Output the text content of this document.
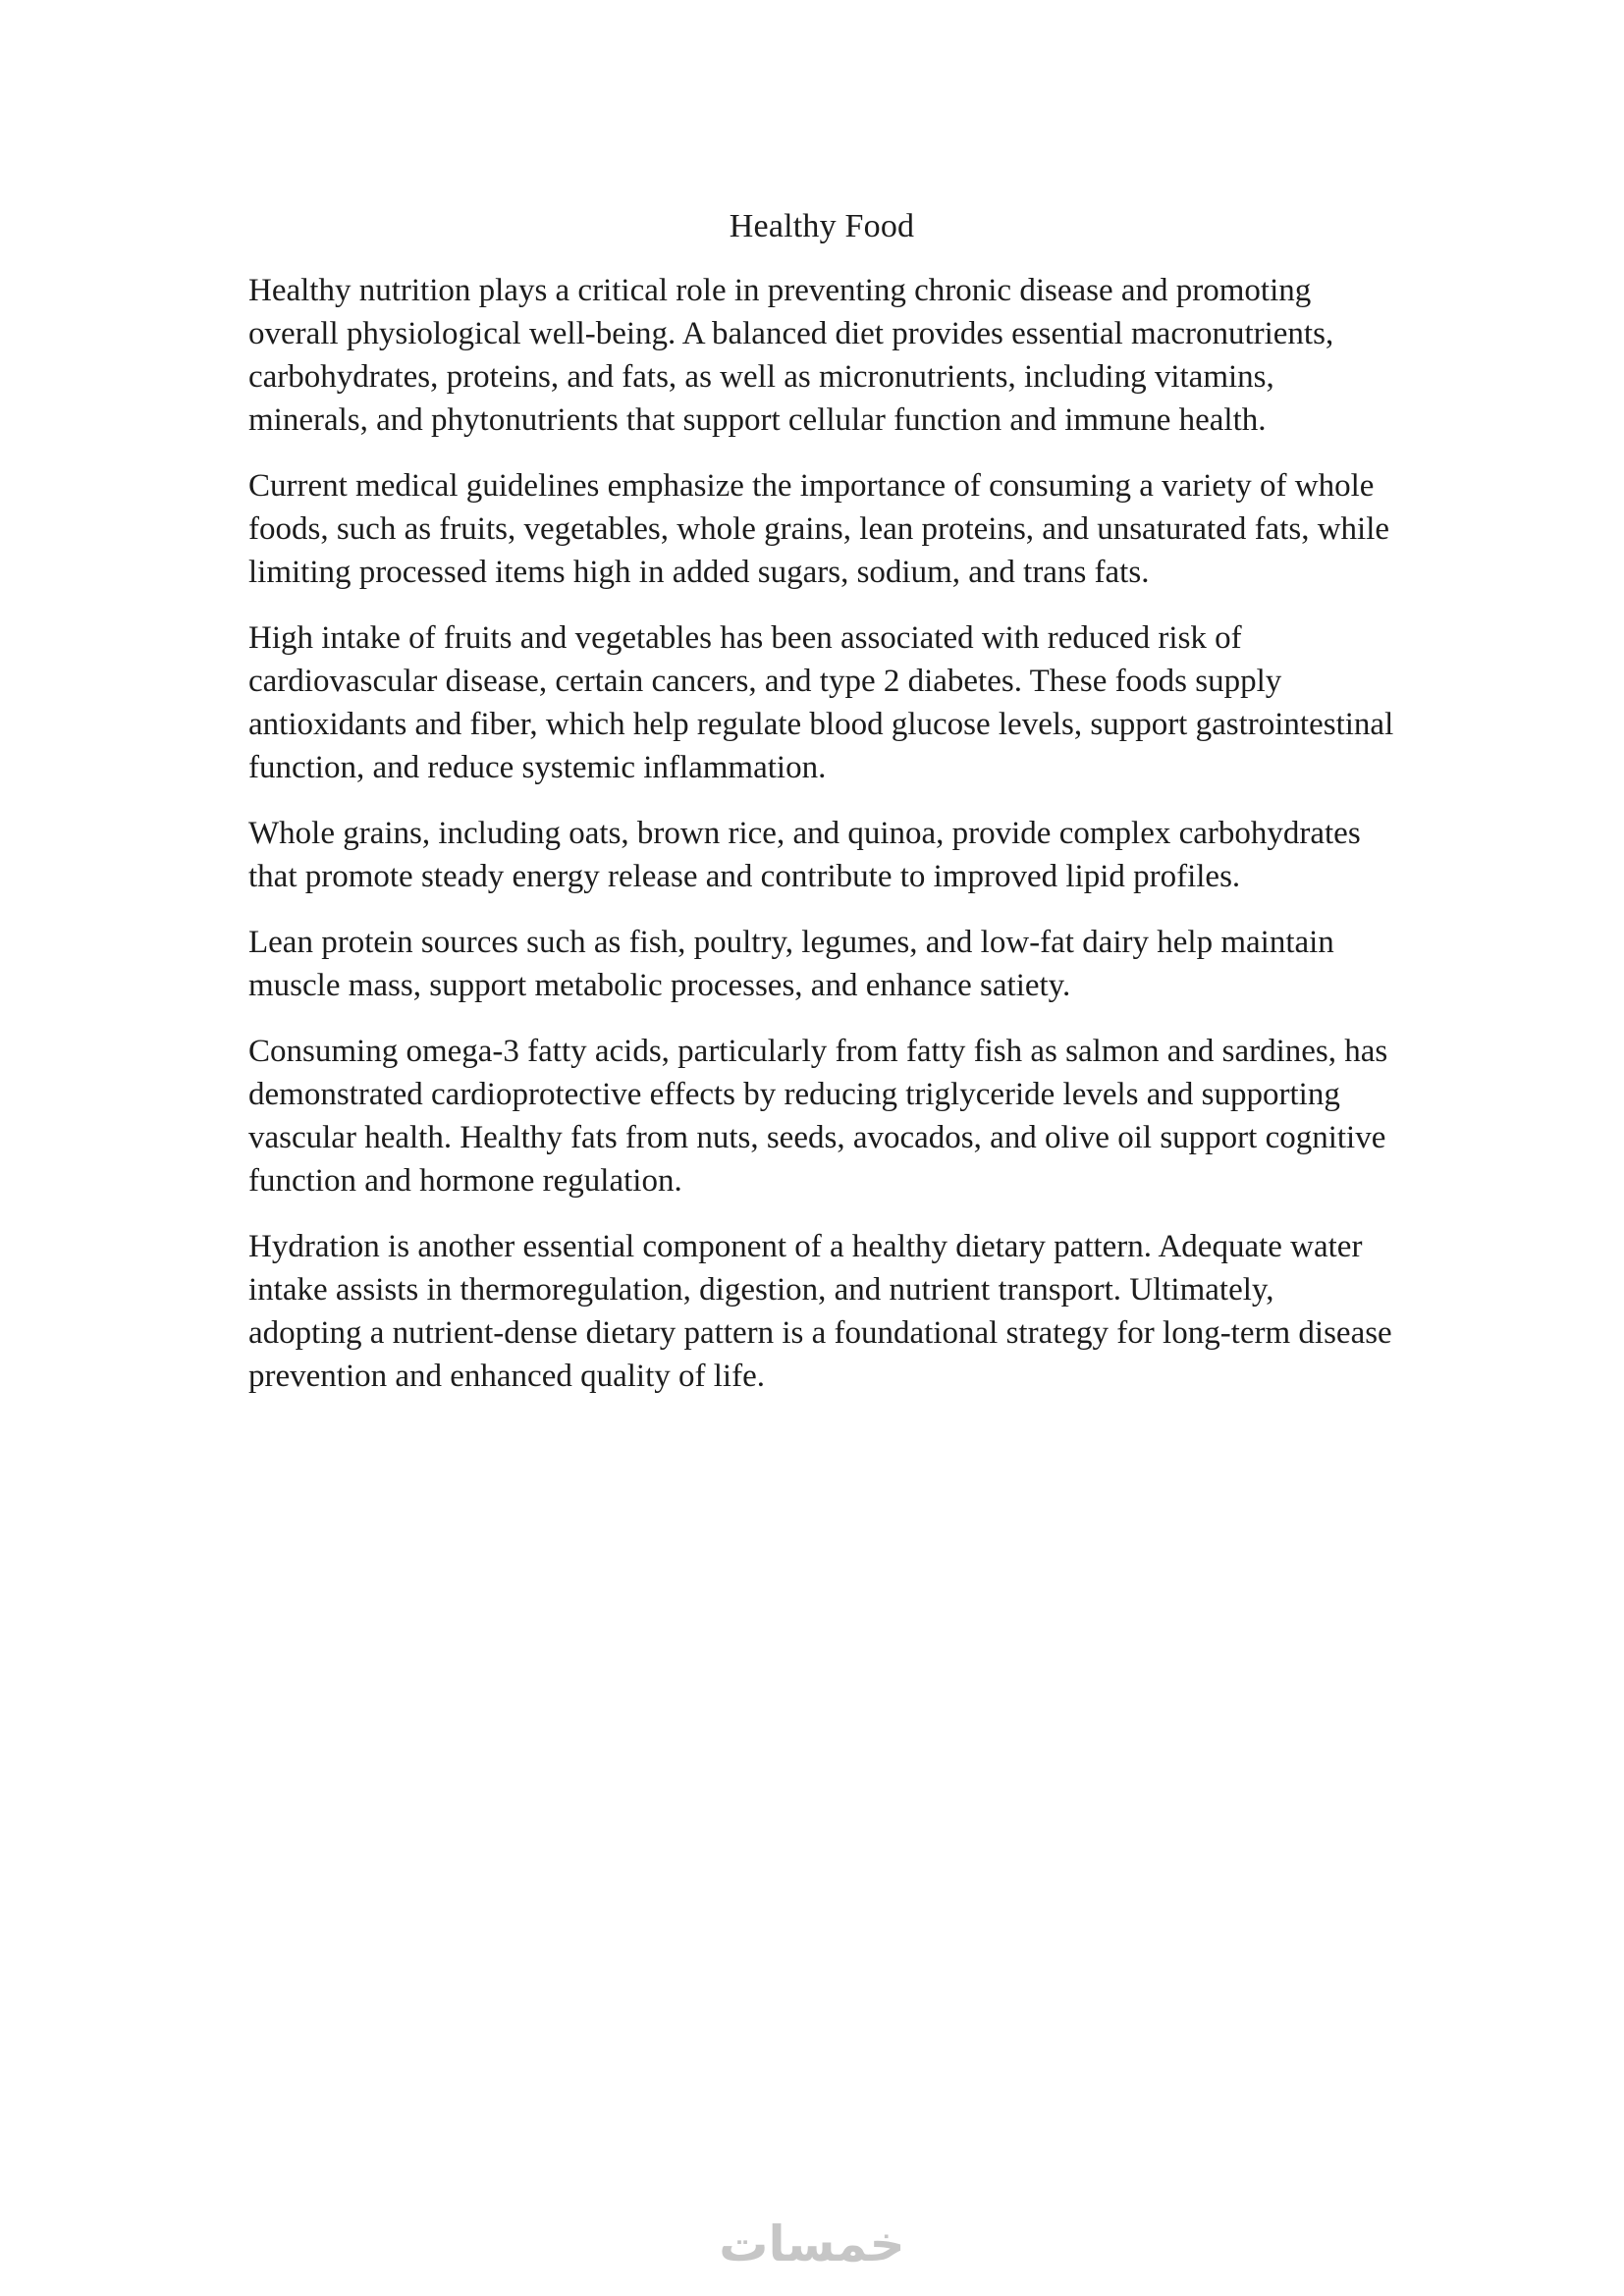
Healthy Food

Healthy nutrition plays a critical role in preventing chronic disease and promoting overall physiological well-being. A balanced diet provides essential macronutrients, carbohydrates, proteins, and fats, as well as micronutrients, including vitamins, minerals, and phytonutrients that support cellular function and immune health.

Current medical guidelines emphasize the importance of consuming a variety of whole foods, such as fruits, vegetables, whole grains, lean proteins, and unsaturated fats, while limiting processed items high in added sugars, sodium, and trans fats.

High intake of fruits and vegetables has been associated with reduced risk of cardiovascular disease, certain cancers, and type 2 diabetes. These foods supply antioxidants and fiber, which help regulate blood glucose levels, support gastrointestinal function, and reduce systemic inflammation.

Whole grains, including oats, brown rice, and quinoa, provide complex carbohydrates that promote steady energy release and contribute to improved lipid profiles.

Lean protein sources such as fish, poultry, legumes, and low-fat dairy help maintain muscle mass, support metabolic processes, and enhance satiety.

Consuming omega-3 fatty acids, particularly from fatty fish as salmon and sardines, has demonstrated cardioprotective effects by reducing triglyceride levels and supporting vascular health. Healthy fats from nuts, seeds, avocados, and olive oil support cognitive function and hormone regulation.

Hydration is another essential component of a healthy dietary pattern. Adequate water intake assists in thermoregulation, digestion, and nutrient transport. Ultimately, adopting a nutrient-dense dietary pattern is a foundational strategy for long-term disease prevention and enhanced quality of life.

خمسات
